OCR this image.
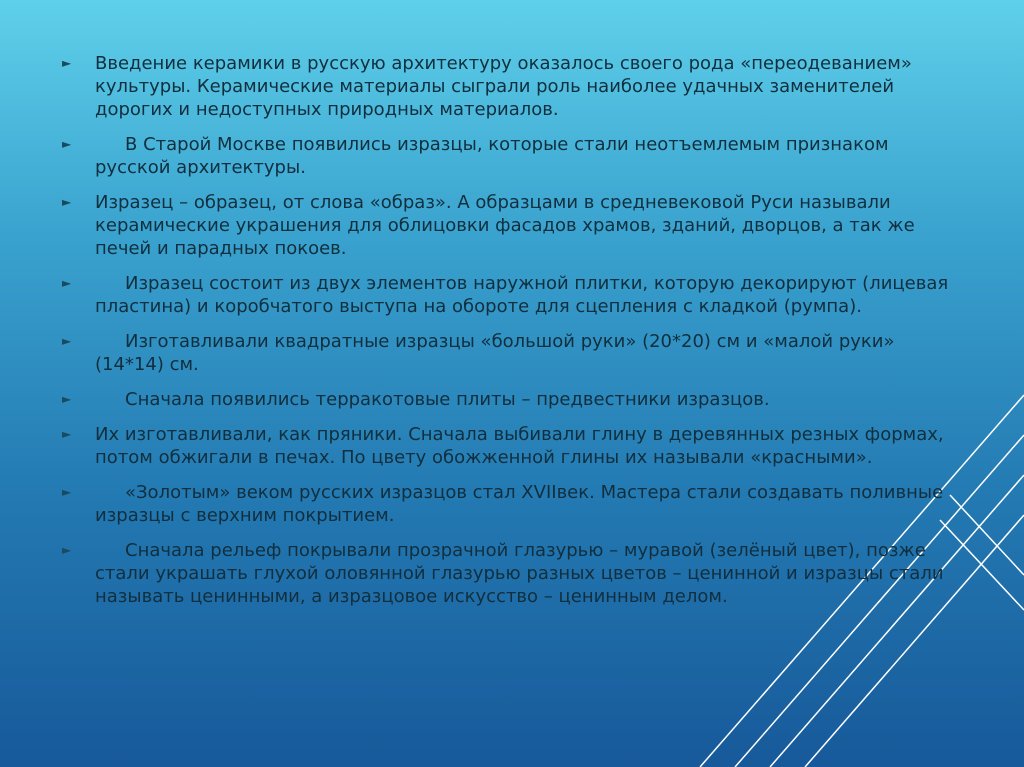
► Введение керамики в русскую архитектуру оказалось своего рода «переодеванием» культуры. Керамические материалы сыграли роль наиболее удачных заменителей дорогих и недоступных природных материалов.
►	В Старой Москве появились изразцы, которые стали неотъемлемым признаком русской архитектуры.
► Изразец – образец, от слова «образ». А образцами в средневековой Руси называли керамические украшения для облицовки фасадов храмов, зданий, дворцов, а так же печей и парадных покоев.
►	Изразец состоит из двух элементов наружной плитки, которую декорируют (лицевая пластина) и коробчатого выступа на обороте для сцепления с кладкой (румпа).
►	Изготавливали квадратные изразцы «большой руки» (20*20) см и «малой руки» (14*14) см.
►	Сначала появились терракотовые плиты – предвестники изразцов.
► Их изготавливали, как пряники. Сначала выбивали глину в деревянных резных формах, потом обжигали в печах. По цвету обожженной глины их называли «красными».
►	«Золотым» веком русских изразцов стал XVIIвек. Мастера стали создавать поливные изразцы с верхним покрытием.
►	Сначала рельеф покрывали прозрачной глазурью – муравой (зелёный цвет), позже стали украшать глухой оловянной глазурью разных цветов – ценинной и изразцы стали называть ценинными, а изразцовое искусство – ценинным делом.
